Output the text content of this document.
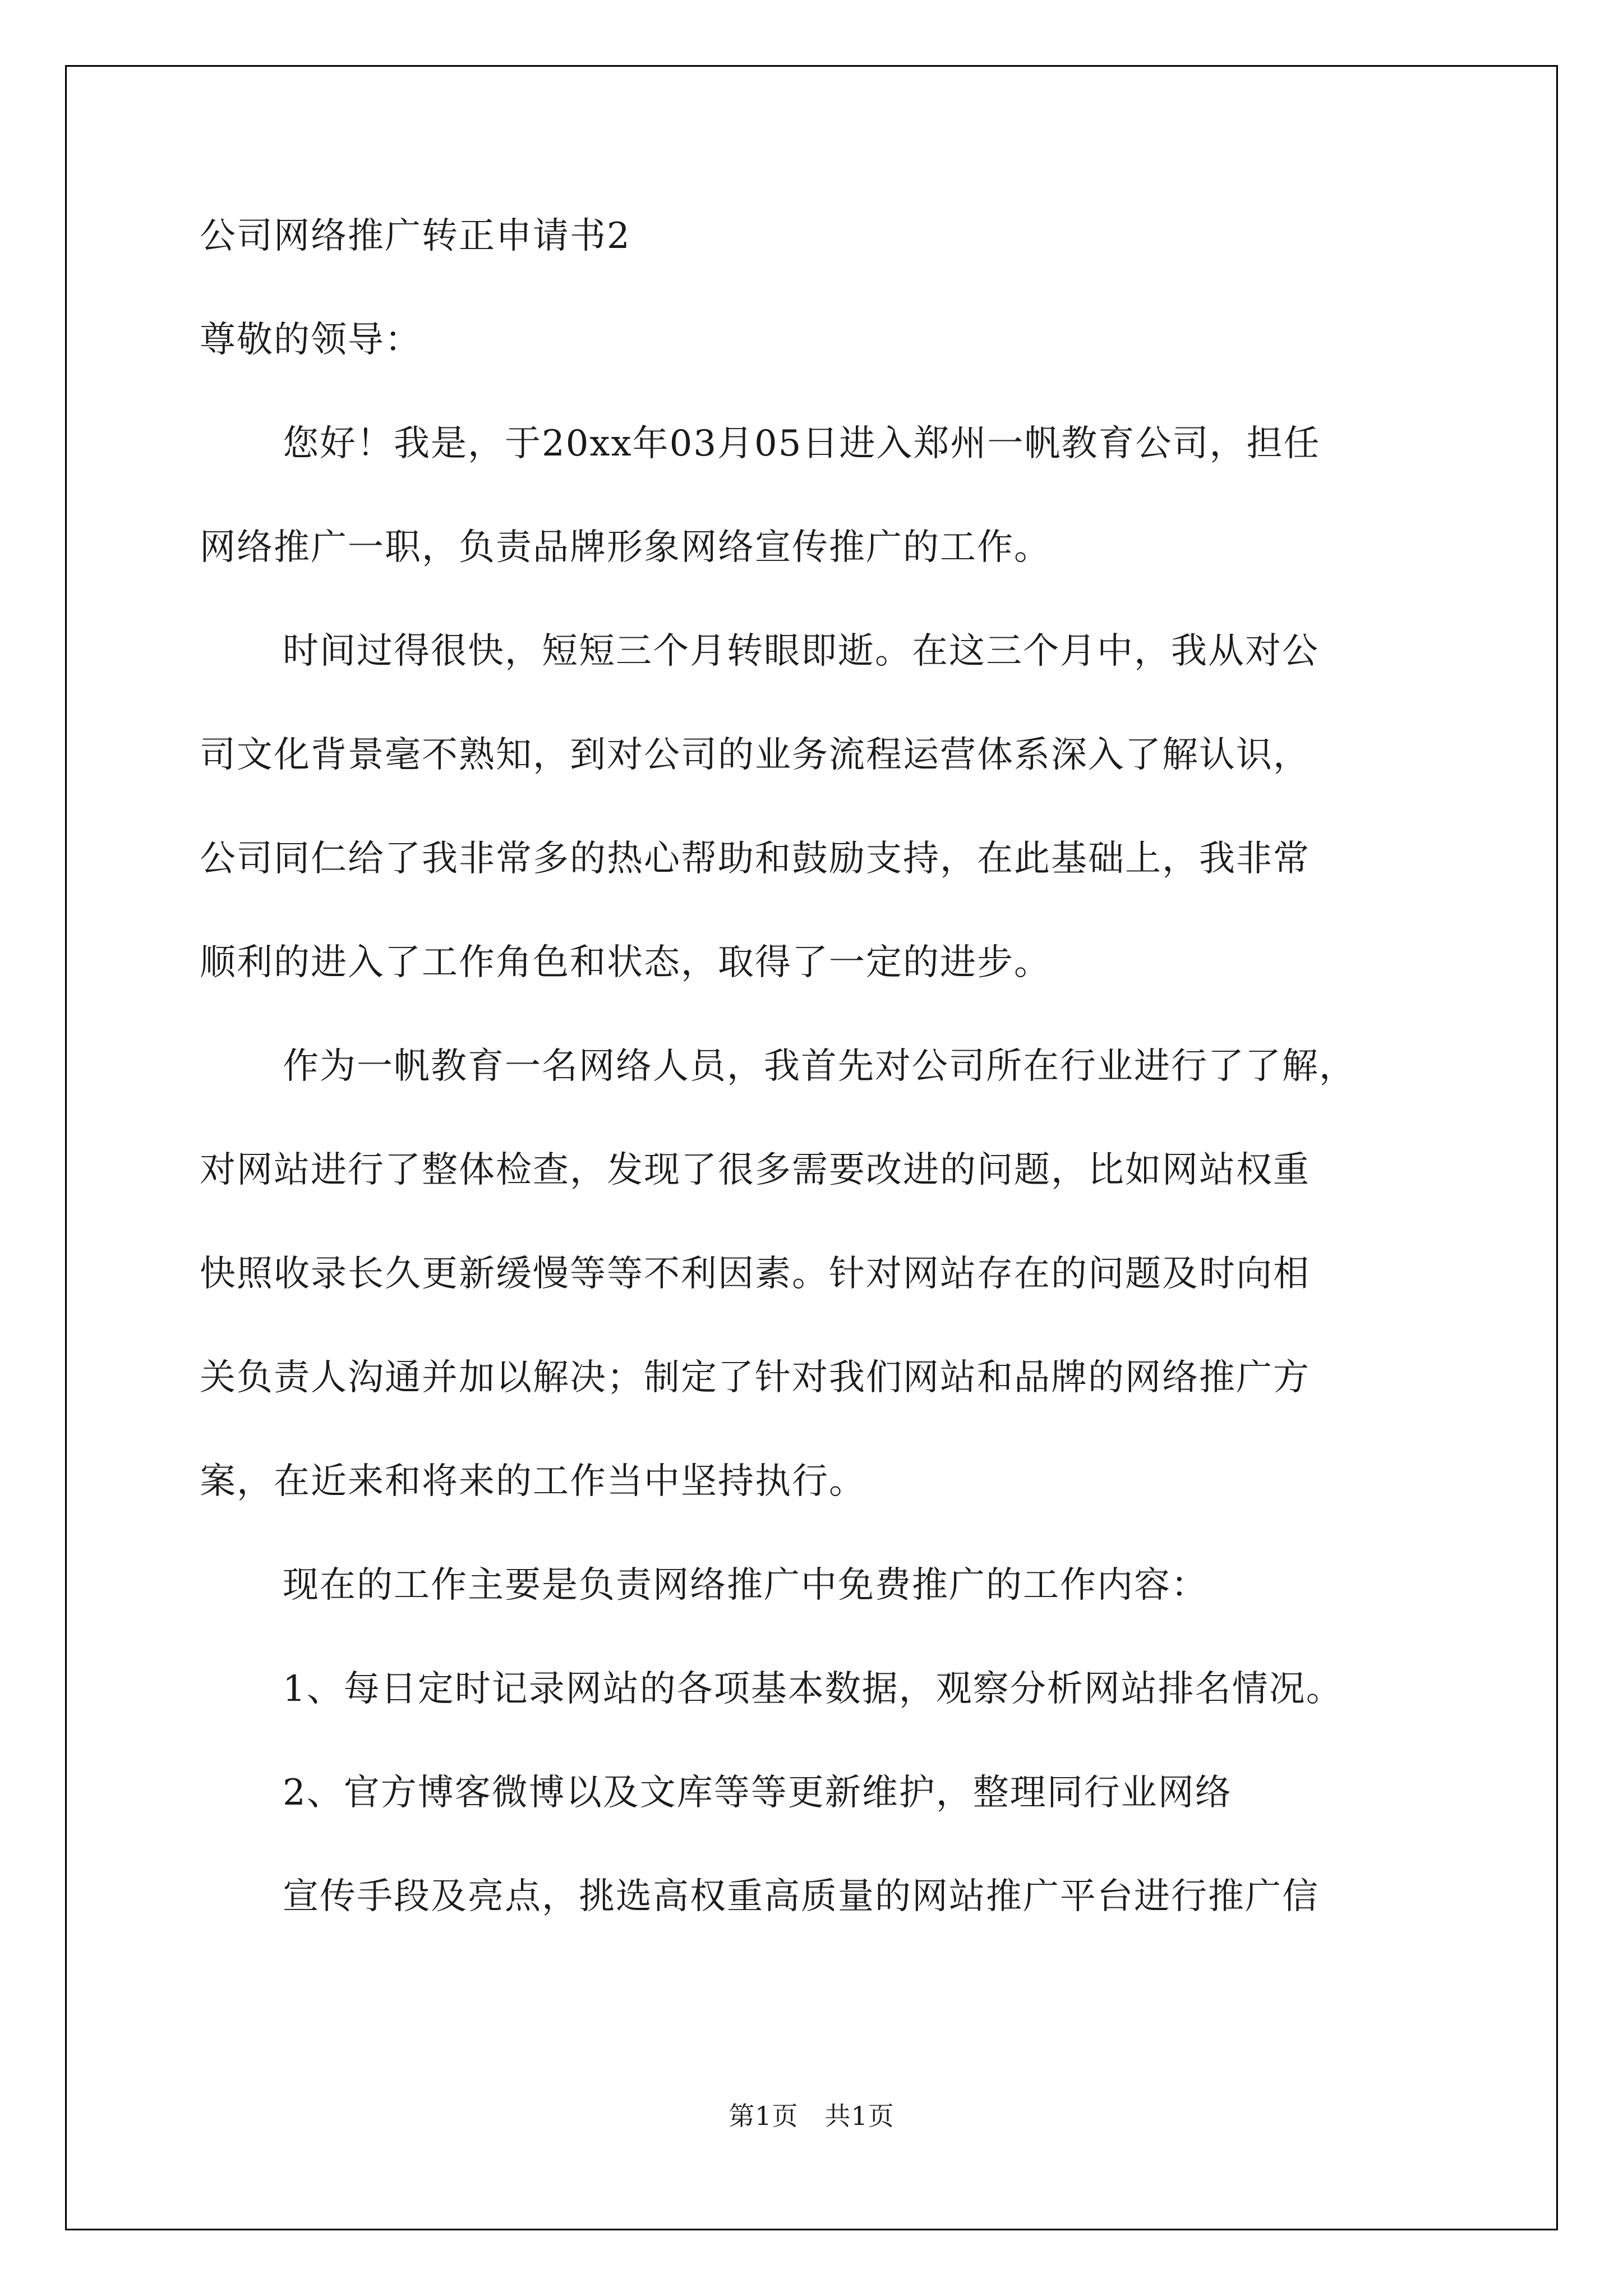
公司网络推广转正申请书2
尊敬的领导：
您好！我是，于20xx年03月05日进入郑州一帆教育公司，担任
网络推广一职，负责品牌形象网络宣传推广的工作。
时间过得很快，短短三个月转眼即逝。在这三个月中，我从对公
司文化背景毫不熟知，到对公司的业务流程运营体系深入了解认识，
公司同仁给了我非常多的热心帮助和鼓励支持，在此基础上，我非常
顺利的进入了工作角色和状态，取得了一定的进步。
作为一帆教育一名网络人员，我首先对公司所在行业进行了了解，
对网站进行了整体检查，发现了很多需要改进的问题，比如网站权重
快照收录长久更新缓慢等等不利因素。针对网站存在的问题及时向相
关负责人沟通并加以解决；制定了针对我们网站和品牌的网络推广方
案，在近来和将来的工作当中坚持执行。
现在的工作主要是负责网络推广中免费推广的工作内容：
1、每日定时记录网站的各项基本数据，观察分析网站排名情况。
2、官方博客微博以及文库等等更新维护，整理同行业网络
宣传手段及亮点，挑选高权重高质量的网站推广平台进行推广信
第1页　共1页
